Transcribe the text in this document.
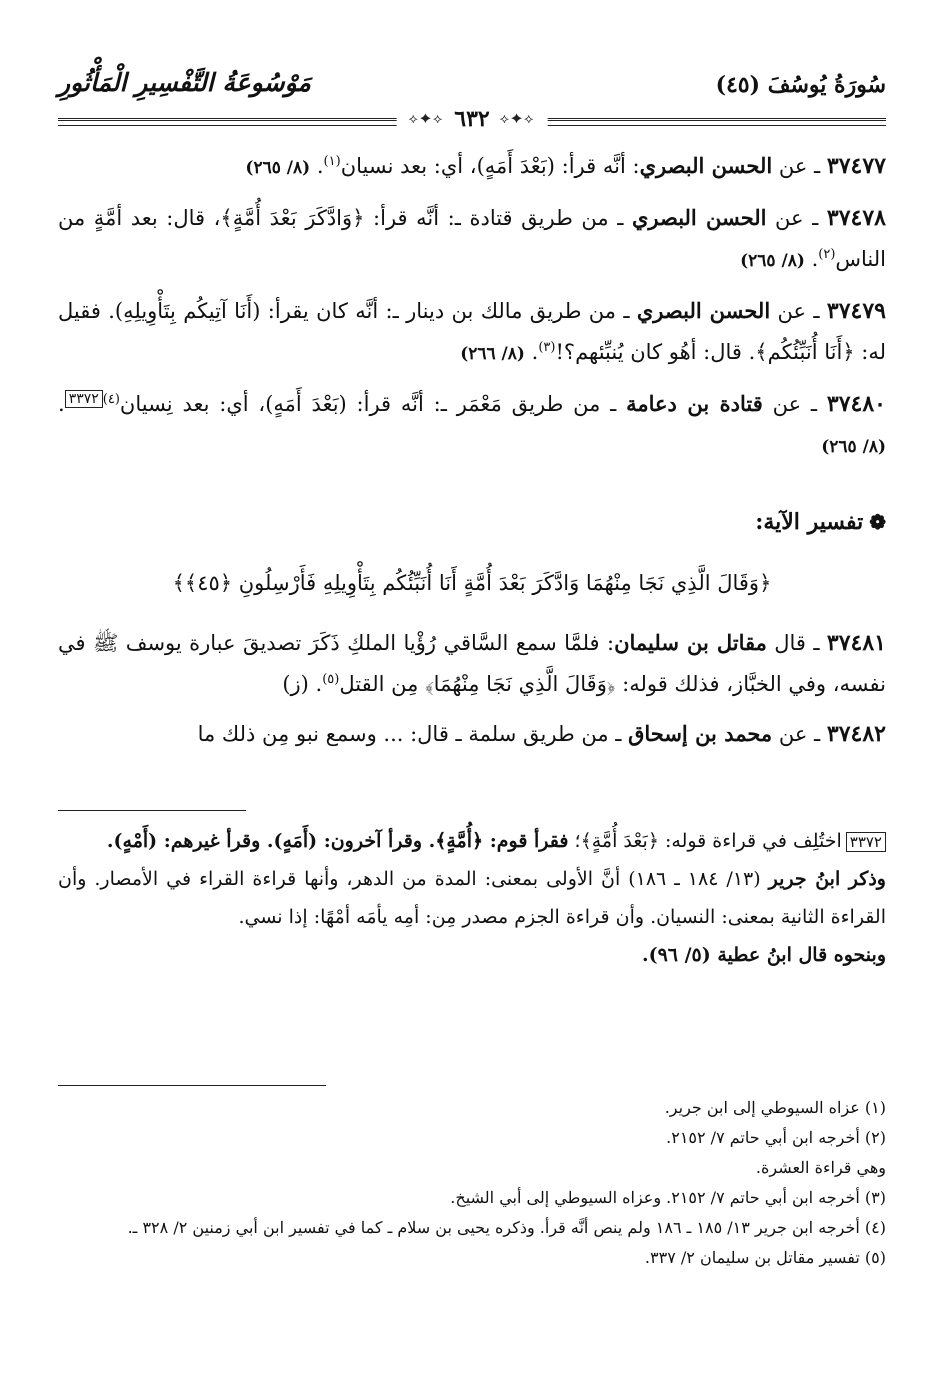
سُورَةُ يُوسُفَ (٤٥)
مَوْسُوعَةُ التَّفْسِيرِ الْمَأْثُورِ
⟡✦⟡
٦٣٢
⟡✦⟡

٣٧٤٧٧ ـ عن الحسن البصري: أنَّه قرأ: (بَعْدَ أَمَهٍ)، أي: بعد نسيان$^{(١)}$. (٨/ ٢٦٥)

٣٧٤٧٨ ـ عن الحسن البصري ـ من طريق قتادة ـ: أنَّه قرأ: ﴿وَادَّكَرَ بَعْدَ أُمَّةٍ﴾، قال: بعد أمَّةٍ من الناس$^{(٢)}$. (٨/ ٢٦٥)

٣٧٤٧٩ ـ عن الحسن البصري ـ من طريق مالك بن دينار ـ: أنَّه كان يقرأ: (أَنَا آتِيكُم بِتَأْوِيلِهِ). فقيل له: ﴿أَنَا أُنَبِّئُكُم﴾. قال: أهُو كان يُنبِّئهم؟!$^{(٣)}$. (٨/ ٢٦٦)

٣٧٤٨٠ ـ عن قتادة بن دعامة ـ من طريق مَعْمَر ـ: أنَّه قرأ: (بَعْدَ أَمَهٍ)، أي: بعد نِسيان$^{(٤)}$٣٣٧٢. (٨/ ٢٦٥)

❁تفسير الآية:
﴿وَقَالَ الَّذِي نَجَا مِنْهُمَا وَادَّكَرَ بَعْدَ أُمَّةٍ أَنَا أُنَبِّئُكُم بِتَأْوِيلِهِ فَأَرْسِلُونِ ﴿٤٥﴾﴾

٣٧٤٨١ ـ قال مقاتل بن سليمان: فلمَّا سمع السَّاقي رُؤْيا الملكِ ذَكَرَ تصديقَ عبارة يوسف ﷺ في نفسه، وفي الخبَّاز، فذلك قوله: ﴿وَقَالَ الَّذِي نَجَا مِنْهُمَا﴾ مِن القتل$^{(٥)}$. (ز)

٣٧٤٨٢ ـ عن محمد بن إسحاق ـ من طريق سلمة ـ قال: ... وسمع نبو مِن ذلك ما

٣٣٧٢اختُلِف في قراءة قوله: ﴿بَعْدَ أُمَّةٍ﴾؛ فقرأ قوم: ﴿أُمَّةٍ﴾. وقرأ آخرون: (أَمَهٍ). وقرأ غيرهم: (أَمْهٍ).

وذكر ابنُ جرير (١٣/ ١٨٤ ـ ١٨٦) أنَّ الأولى بمعنى: المدة من الدهر، وأنها قراءة القراء في الأمصار. وأن القراءة الثانية بمعنى: النسيان. وأن قراءة الجزم مصدر مِن: أمِه يأمَه أمْهًا: إذا نسي.

وبنحوه قال ابنُ عطية (٥/ ٩٦).

(١) عزاه السيوطي إلى ابن جرير.

(٢) أخرجه ابن أبي حاتم ٧/ ٢١٥٢.

وهي قراءة العشرة.

(٣) أخرجه ابن أبي حاتم ٧/ ٢١٥٢. وعزاه السيوطي إلى أبي الشيخ.

(٤) أخرجه ابن جرير ١٣/ ١٨٥ ـ ١٨٦ ولم ينص أنَّه قرأ. وذكره يحيى بن سلام ـ كما في تفسير ابن أبي زمنين ٢/ ٣٢٨ ـ.

(٥) تفسير مقاتل بن سليمان ٢/ ٣٣٧.
